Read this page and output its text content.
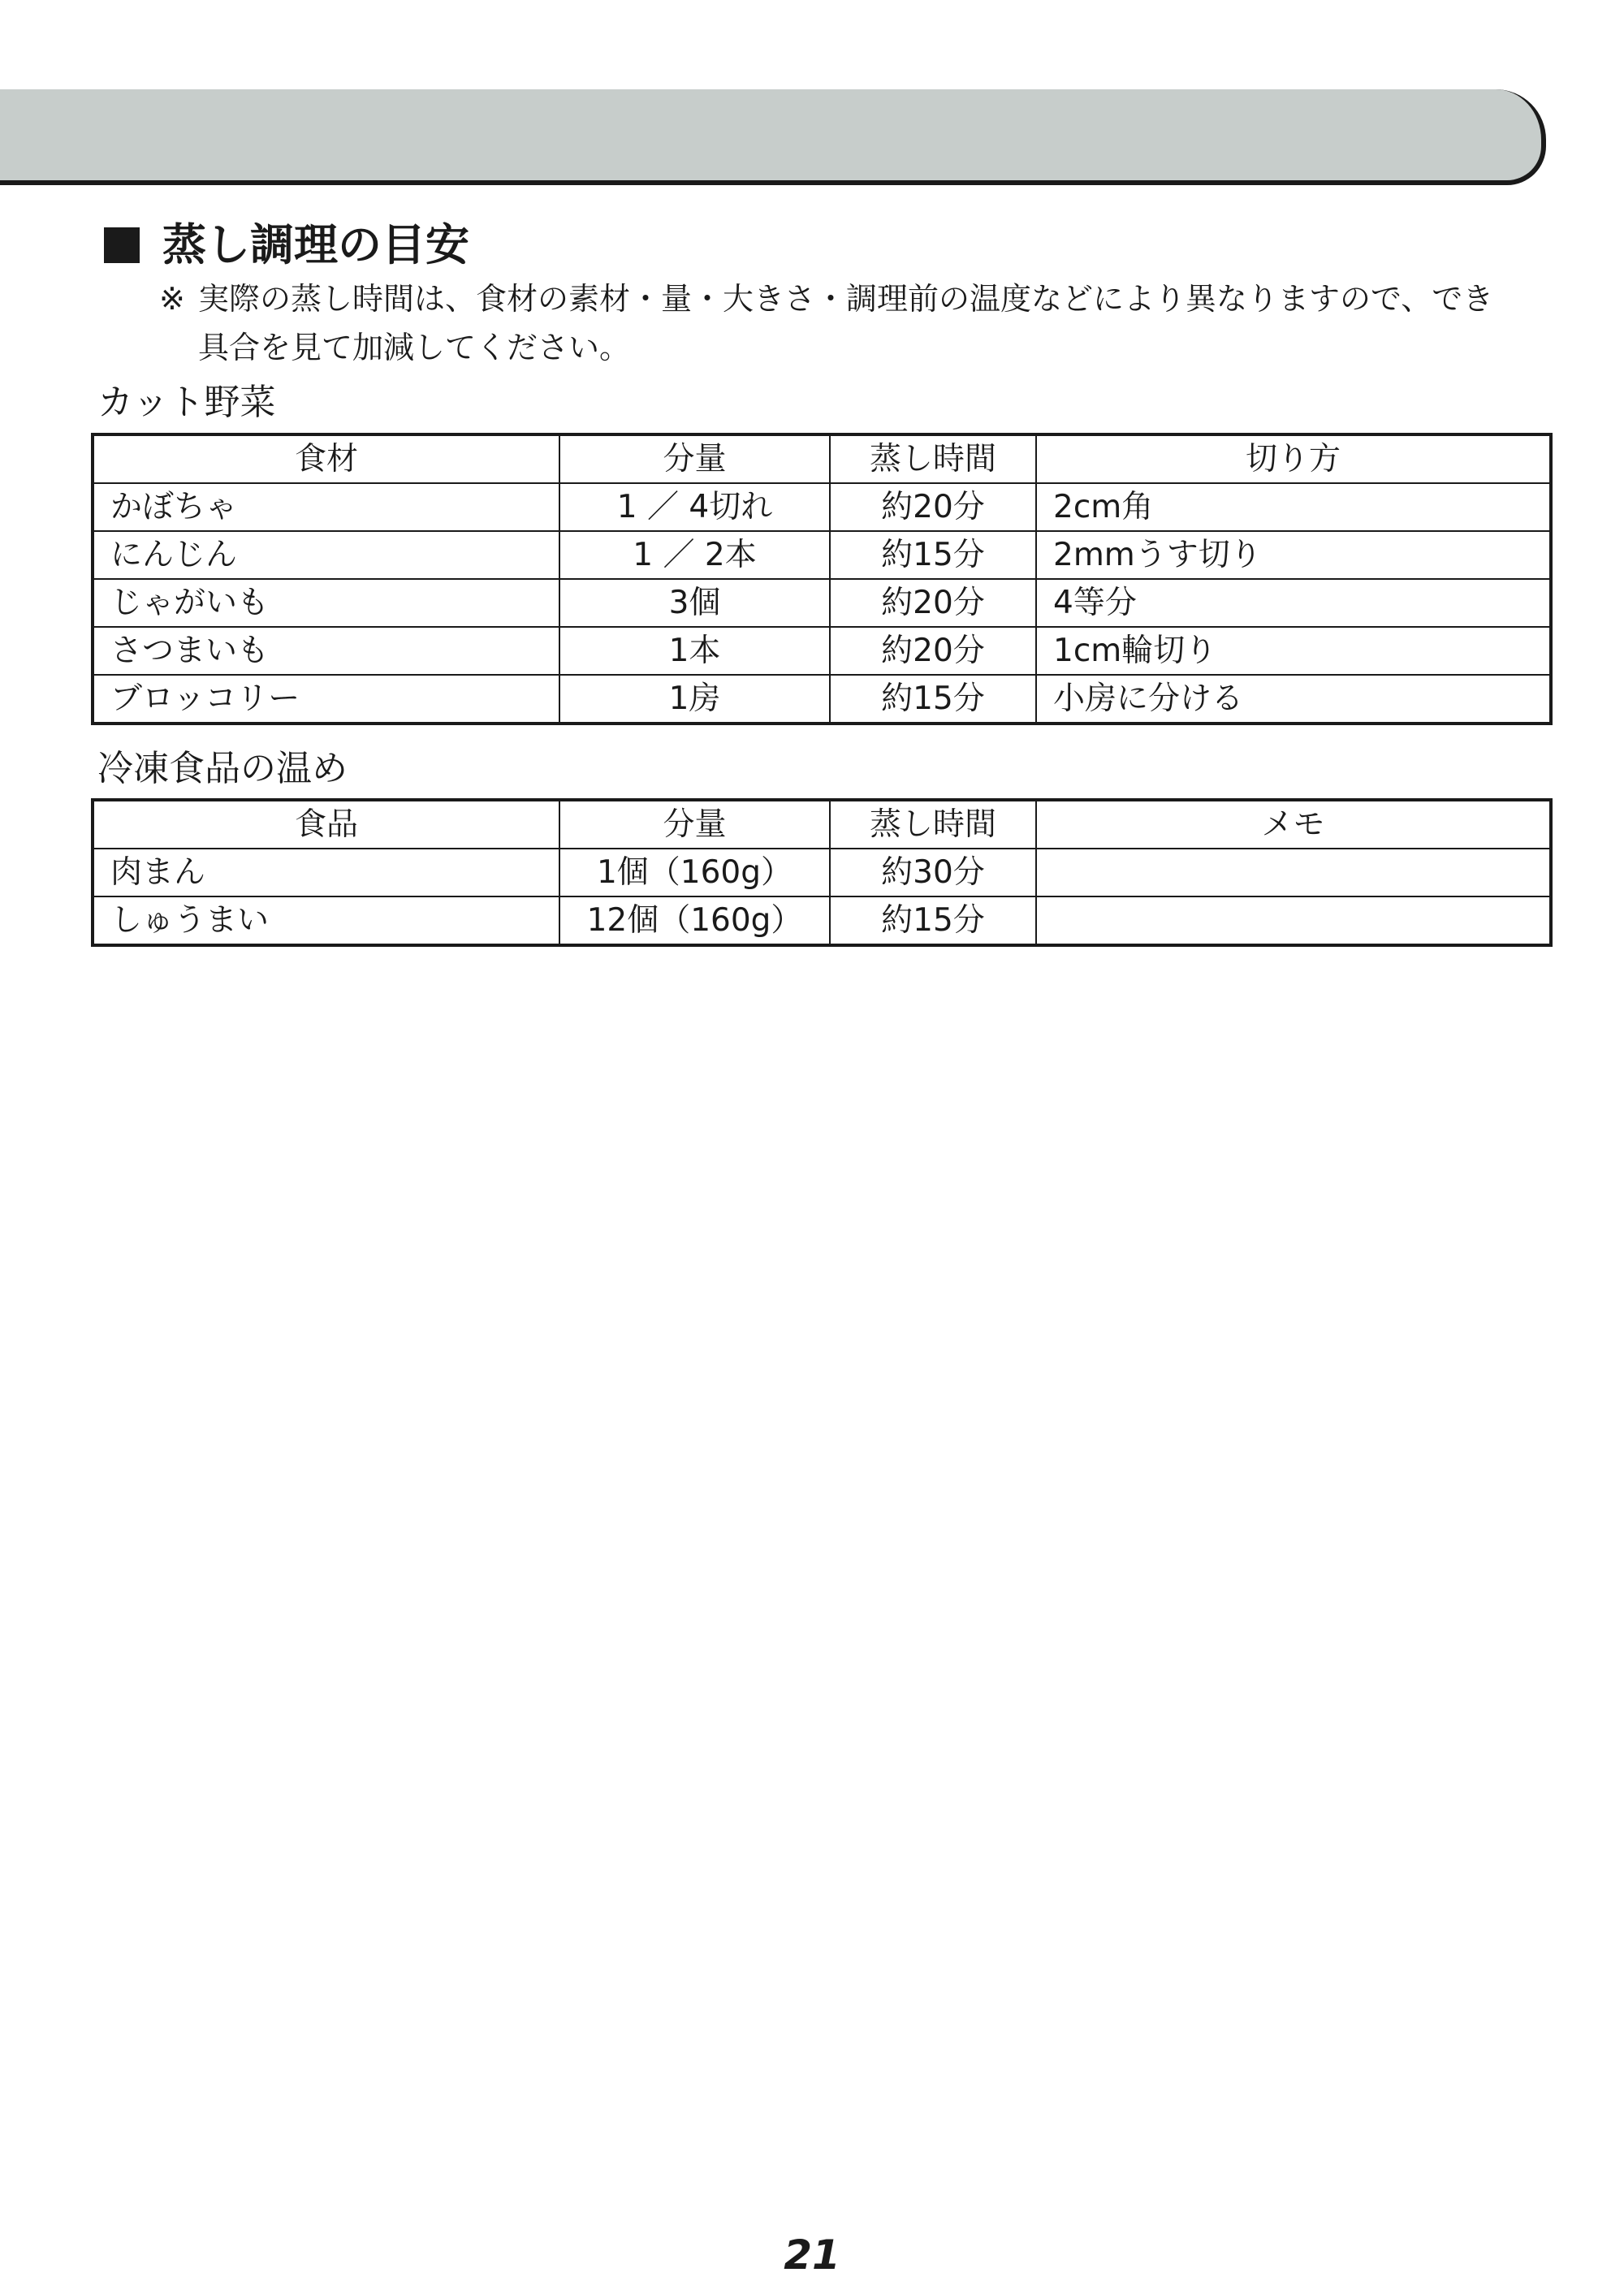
蒸し調理の目安
※ 実際の蒸し時間は、食材の素材・量・大きさ・調理前の温度などにより異なりますので、でき
具合を見て加減してください。
カット野菜
食材	分量	蒸し時間	切り方
かぼちゃ	1 ／ 4切れ	約20分	2cm角
にんじん	1 ／ 2本	約15分	2mmうす切り
じゃがいも	3個	約20分	4等分
さつまいも	1本	約20分	1cm輪切り
ブロッコリー	1房	約15分	小房に分ける
冷凍食品の温め
食品	分量	蒸し時間	メモ
肉まん	1個（160g）	約30分	
しゅうまい	12個（160g）	約15分	
21
